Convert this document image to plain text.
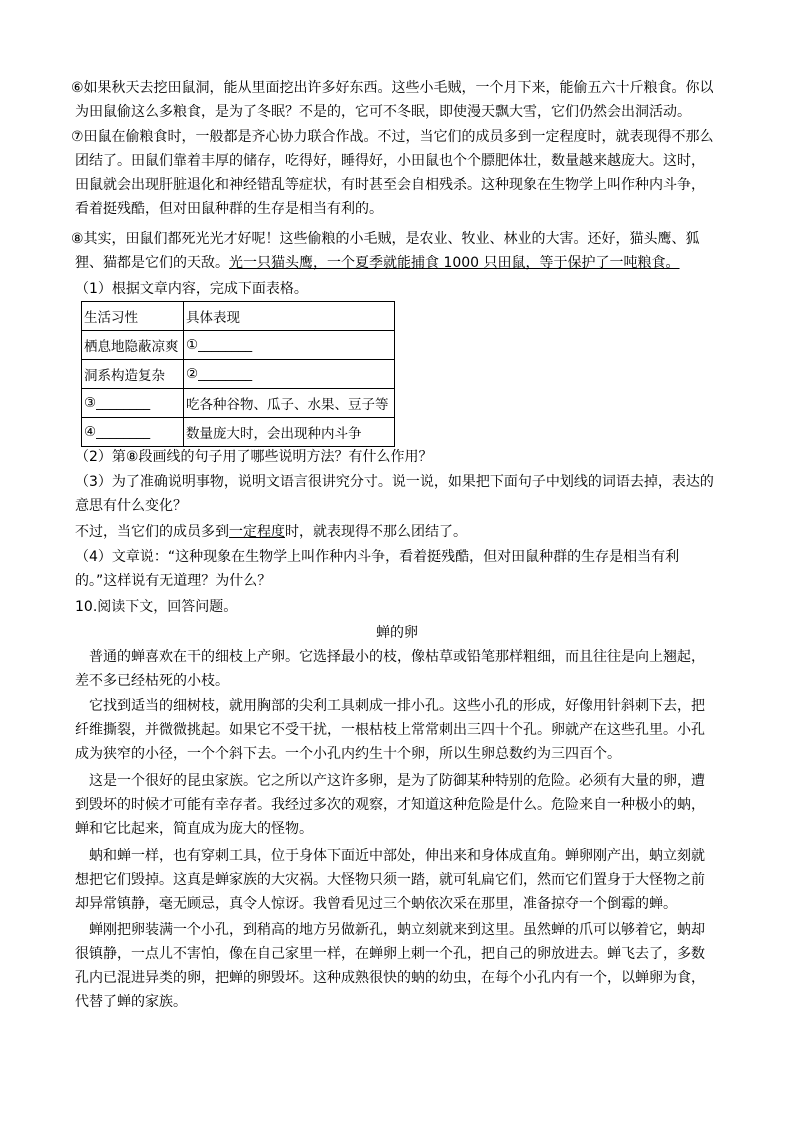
⑥如果秋天去挖田鼠洞，能从里面挖出许多好东西。这些小毛贼，一个月下来，能偷五六十斤粮食。你以为田鼠偷这么多粮食，是为了冬眠？不是的，它可不冬眠，即使漫天飘大雪，它们仍然会出洞活动。

⑦田鼠在偷粮食时，一般都是齐心协力联合作战。不过，当它们的成员多到一定程度时，就表现得不那么团结了。田鼠们靠着丰厚的储存，吃得好，睡得好，小田鼠也个个膘肥体壮，数量越来越庞大。这时，田鼠就会出现肝脏退化和神经错乱等症状，有时甚至会自相残杀。这种现象在生物学上叫作种内斗争，看着挺残酷，但对田鼠种群的生存是相当有利的。

⑧其实，田鼠们都死光光才好呢！这些偷粮的小毛贼，是农业、牧业、林业的大害。还好，猫头鹰、狐狸、猫都是它们的天敌。光一只猫头鹰，一个夏季就能捕食 1000 只田鼠，等于保护了一吨粮食。

（1）根据文章内容，完成下面表格。

生活习性	具体表现
栖息地隐蔽凉爽	①________
洞系构造复杂	②________
③________	吃各种谷物、瓜子、水果、豆子等
④________	数量庞大时，会出现种内斗争

（2）第⑧段画线的句子用了哪些说明方法？有什么作用？

（3）为了准确说明事物，说明文语言很讲究分寸。说一说，如果把下面句子中划线的词语去掉，表达的意思有什么变化？

不过，当它们的成员多到一定程度时，就表现得不那么团结了。

（4）文章说：“这种现象在生物学上叫作种内斗争，看着挺残酷，但对田鼠种群的生存是相当有利的。”这样说有无道理？为什么？

10.阅读下文，回答问题。

蝉的卵

普通的蝉喜欢在干的细枝上产卵。它选择最小的枝，像枯草或铅笔那样粗细，而且往往是向上翘起，差不多已经枯死的小枝。

它找到适当的细树枝，就用胸部的尖利工具刺成一排小孔。这些小孔的形成，好像用针斜刺下去，把纤维撕裂，并微微挑起。如果它不受干扰，一根枯枝上常常刺出三四十个孔。卵就产在这些孔里。小孔成为狭窄的小径，一个个斜下去。一个小孔内约生十个卵，所以生卵总数约为三四百个。

这是一个很好的昆虫家族。它之所以产这许多卵，是为了防御某种特别的危险。必须有大量的卵，遭到毁坏的时候才可能有幸存者。我经过多次的观察，才知道这种危险是什么。危险来自一种极小的蚋，蝉和它比起来，简直成为庞大的怪物。

蚋和蝉一样，也有穿刺工具，位于身体下面近中部处，伸出来和身体成直角。蝉卵刚产出，蚋立刻就想把它们毁掉。这真是蝉家族的大灾祸。大怪物只须一踏，就可轧扁它们，然而它们置身于大怪物之前却异常镇静，毫无顾忌，真令人惊讶。我曾看见过三个蚋依次采在那里，准备掠夺一个倒霉的蝉。

蝉刚把卵装满一个小孔，到稍高的地方另做新孔，蚋立刻就来到这里。虽然蝉的爪可以够着它，蚋却很镇静，一点儿不害怕，像在自己家里一样，在蝉卵上刺一个孔，把自己的卵放进去。蝉飞去了，多数孔内已混进异类的卵，把蝉的卵毁坏。这种成熟很快的蚋的幼虫，在每个小孔内有一个，以蝉卵为食，代替了蝉的家族。
